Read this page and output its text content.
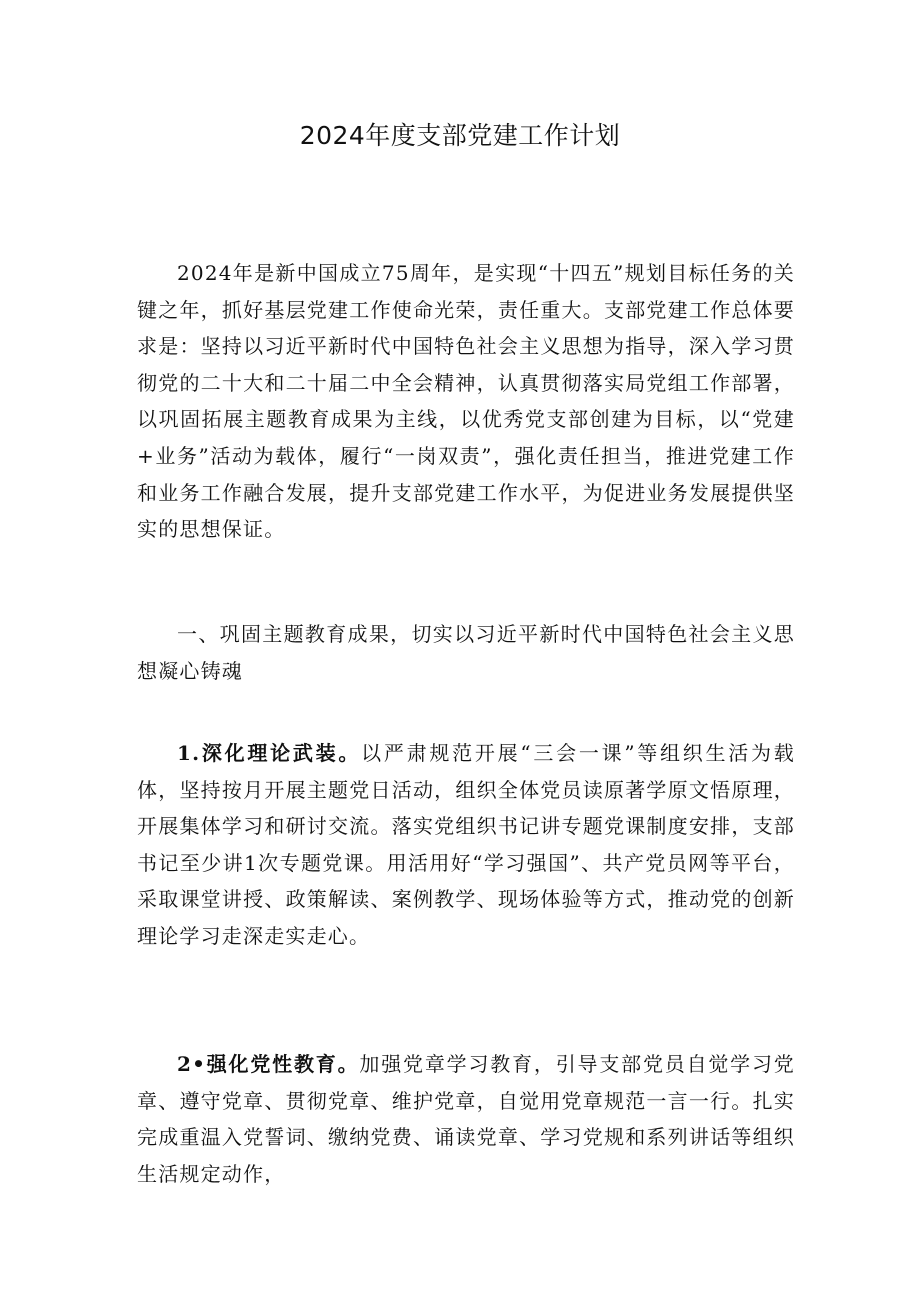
2024年度支部党建工作计划

2024年是新中国成立75周年，是实现“十四五”规划目标任务的关键之年，抓好基层党建工作使命光荣，责任重大。支部党建工作总体要求是：坚持以习近平新时代中国特色社会主义思想为指导，深入学习贯彻党的二十大和二十届二中全会精神，认真贯彻落实局党组工作部署，以巩固拓展主题教育成果为主线，以优秀党支部创建为目标，以“党建+业务”活动为载体，履行“一岗双责”，强化责任担当，推进党建工作和业务工作融合发展，提升支部党建工作水平，为促进业务发展提供坚实的思想保证。

一、巩固主题教育成果，切实以习近平新时代中国特色社会主义思想凝心铸魂

1.深化理论武装。以严肃规范开展“三会一课”等组织生活为载体，坚持按月开展主题党日活动，组织全体党员读原著学原文悟原理，开展集体学习和研讨交流。落实党组织书记讲专题党课制度安排，支部书记至少讲1次专题党课。用活用好“学习强国”、共产党员网等平台，采取课堂讲授、政策解读、案例教学、现场体验等方式，推动党的创新理论学习走深走实走心。

2•强化党性教育。加强党章学习教育，引导支部党员自觉学习党章、遵守党章、贯彻党章、维护党章，自觉用党章规范一言一行。扎实完成重温入党誓词、缴纳党费、诵读党章、学习党规和系列讲话等组织生活规定动作，
